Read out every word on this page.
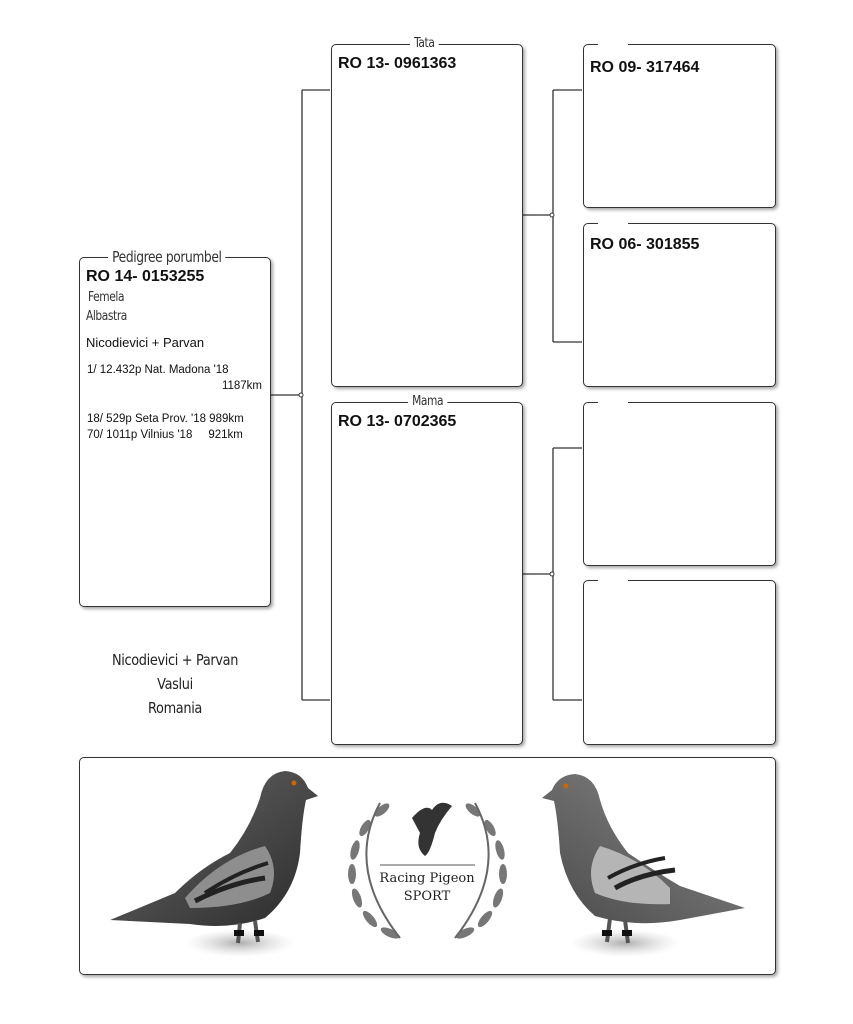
Pedigree porumbel
RO 14- 0153255
Femela
Albastra
Nicodievici + Parvan
1/ 12.432p Nat. Madona '18
1187km
18/ 529p Seta Prov. '18 989km
70/ 1011p Vilnius '18     921km
Tata
RO 13- 0961363
Mama
RO 13- 0702365
RO 09- 317464
RO 06- 301855
Nicodievici + Parvan
Vaslui
Romania
Racing Pigeon
SPORT
